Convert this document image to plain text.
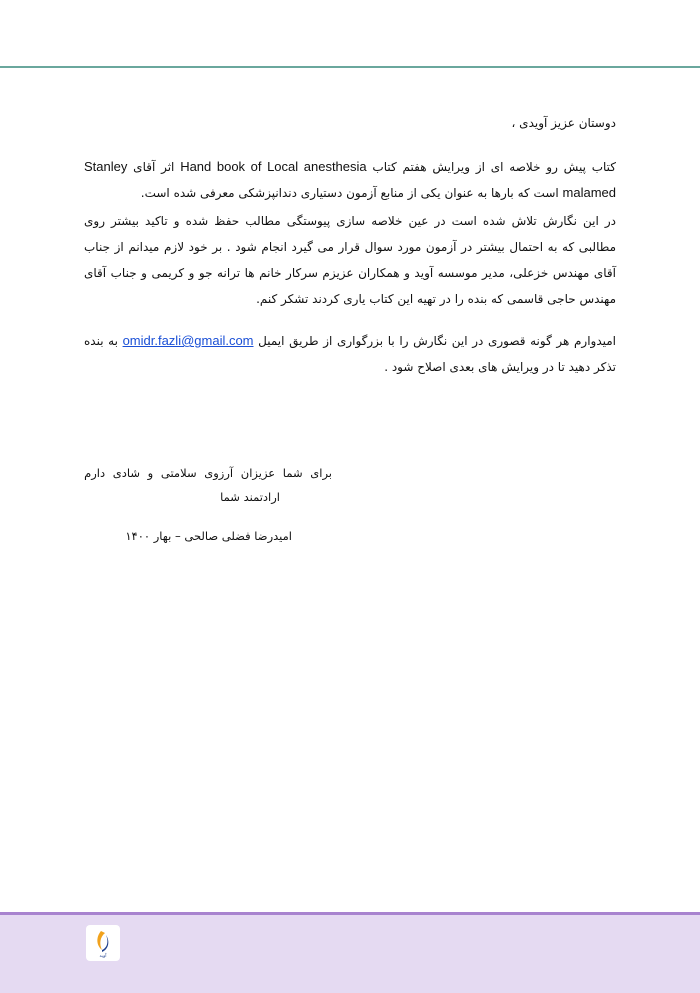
دوستان عزیز آویدی ،

کتاب پیش رو خلاصه ای از ویرایش هفتم کتاب Hand book of Local anesthesia اثر آقای Stanley malamed است که بارها به عنوان یکی از منابع آزمون دستیاری دندانپزشکی معرفی شده است.

در این نگارش تلاش شده است در عین خلاصه سازی پیوستگی مطالب حفظ شده و تاکید بیشتر روی مطالبی که به احتمال بیشتر در آزمون مورد سوال قرار می گیرد انجام شود . بر خود لازم میدانم از جناب آقای مهندس خزعلی، مدیر موسسه آوید و همکاران عزیزم سرکار خانم ها ترانه جو و کریمی و جناب آقای مهندس حاجی قاسمی که بنده را در تهیه این کتاب یاری کردند تشکر کنم.

امیدوارم هر گونه قصوری در این نگارش را با بزرگواری از طریق ایمیل omidr.fazli@gmail.com به بنده تذکر دهید تا در ویرایش های بعدی اصلاح شود .

برای شما عزیزان آرزوی سلامتی و شادی دارم
ارادتمند شما
امیدرضا فضلی صالحی – بهار ۱۴۰۰
آوید
